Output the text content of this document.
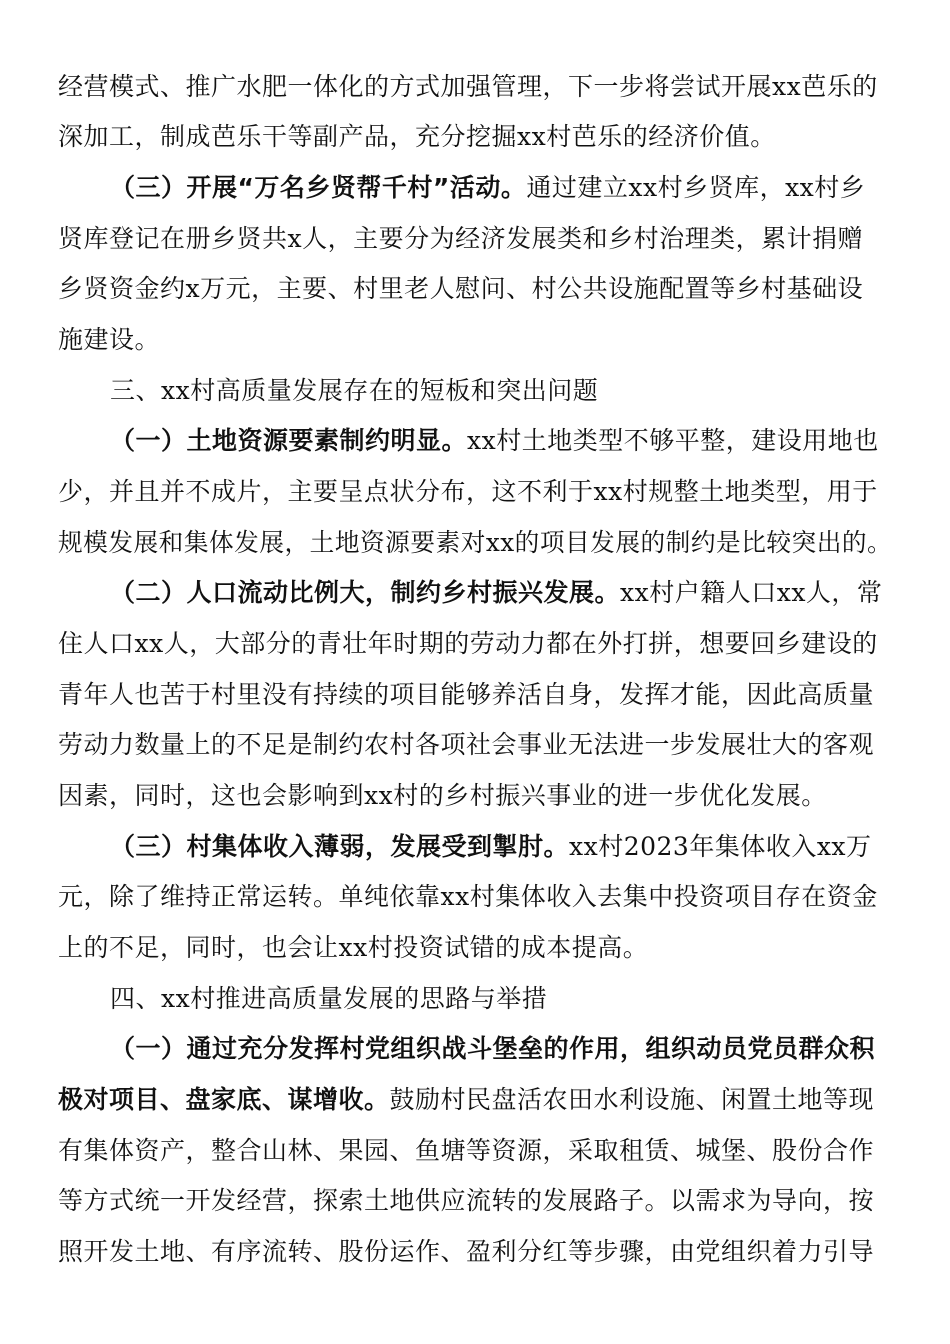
经营模式、推广水肥一体化的方式加强管理，下一步将尝试开展xx芭乐的
深加工，制成芭乐干等副产品，充分挖掘xx村芭乐的经济价值。
（三）开展“万名乡贤帮千村”活动。通过建立xx村乡贤库，xx村乡
贤库登记在册乡贤共x人，主要分为经济发展类和乡村治理类，累计捐赠
乡贤资金约x万元，主要、村里老人慰问、村公共设施配置等乡村基础设
施建设。
三、xx村高质量发展存在的短板和突出问题
（一）土地资源要素制约明显。xx村土地类型不够平整，建设用地也
少，并且并不成片，主要呈点状分布，这不利于xx村规整土地类型，用于
规模发展和集体发展，土地资源要素对xx的项目发展的制约是比较突出的。
（二）人口流动比例大，制约乡村振兴发展。xx村户籍人口xx人，常
住人口xx人，大部分的青壮年时期的劳动力都在外打拼，想要回乡建设的
青年人也苦于村里没有持续的项目能够养活自身，发挥才能，因此高质量
劳动力数量上的不足是制约农村各项社会事业无法进一步发展壮大的客观
因素，同时，这也会影响到xx村的乡村振兴事业的进一步优化发展。
（三）村集体收入薄弱，发展受到掣肘。xx村2023年集体收入xx万
元，除了维持正常运转。单纯依靠xx村集体收入去集中投资项目存在资金
上的不足，同时，也会让xx村投资试错的成本提高。
四、xx村推进高质量发展的思路与举措
（一）通过充分发挥村党组织战斗堡垒的作用，组织动员党员群众积
极对项目、盘家底、谋增收。鼓励村民盘活农田水利设施、闲置土地等现
有集体资产，整合山林、果园、鱼塘等资源，采取租赁、城堡、股份合作
等方式统一开发经营，探索土地供应流转的发展路子。以需求为导向，按
照开发土地、有序流转、股份运作、盈利分红等步骤，由党组织着力引导
